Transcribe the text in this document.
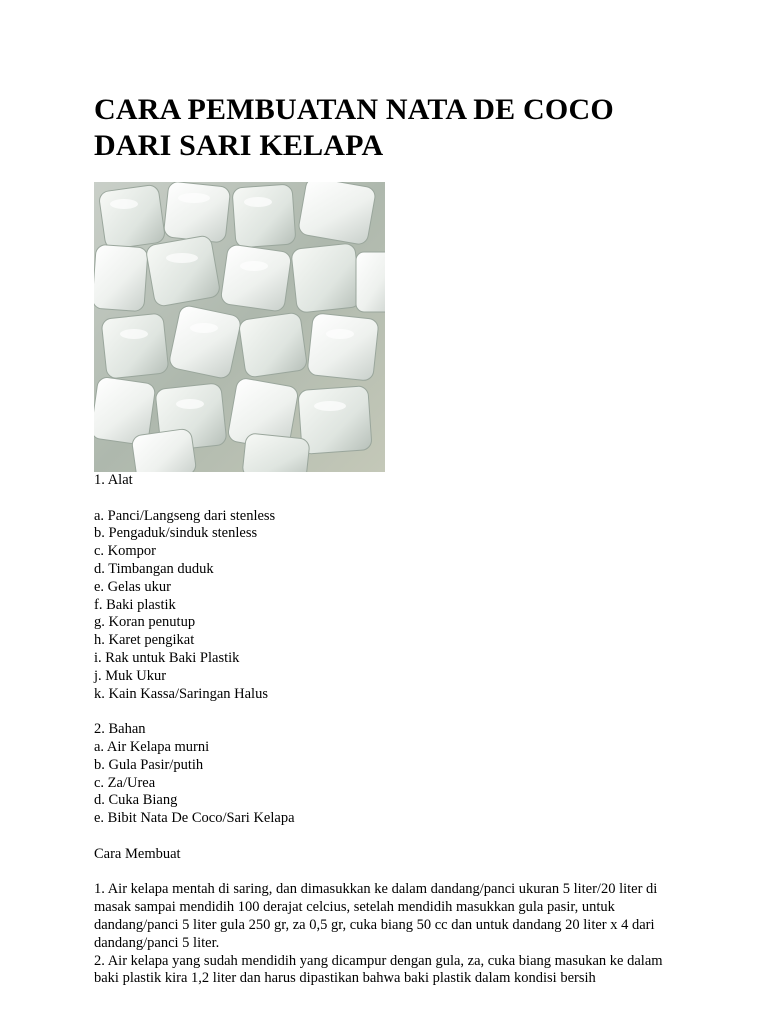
CARA PEMBUATAN NATA DE COCO
DARI SARI KELAPA
1. Alat
a. Panci/Langseng dari stenless
b. Pengaduk/sinduk stenless
c. Kompor
d. Timbangan duduk
e. Gelas ukur
f. Baki plastik
g. Koran penutup
h. Karet pengikat
i. Rak untuk Baki Plastik
j. Muk Ukur
k. Kain Kassa/Saringan Halus
2. Bahan
a. Air Kelapa murni
b. Gula Pasir/putih
c. Za/Urea
d. Cuka Biang
e. Bibit Nata De Coco/Sari Kelapa
Cara Membuat
1. Air kelapa mentah di saring, dan dimasukkan ke dalam dandang/panci ukuran 5 liter/20 liter di masak sampai mendidih 100 derajat celcius, setelah mendidih masukkan gula pasir, untuk dandang/panci 5 liter gula 250 gr, za 0,5 gr, cuka biang 50 cc dan untuk dandang 20 liter x 4 dari dandang/panci 5 liter.
2. Air kelapa yang sudah mendidih yang dicampur dengan gula, za, cuka biang masukan ke dalam baki plastik kira 1,2 liter dan harus dipastikan bahwa baki plastik dalam kondisi bersih
